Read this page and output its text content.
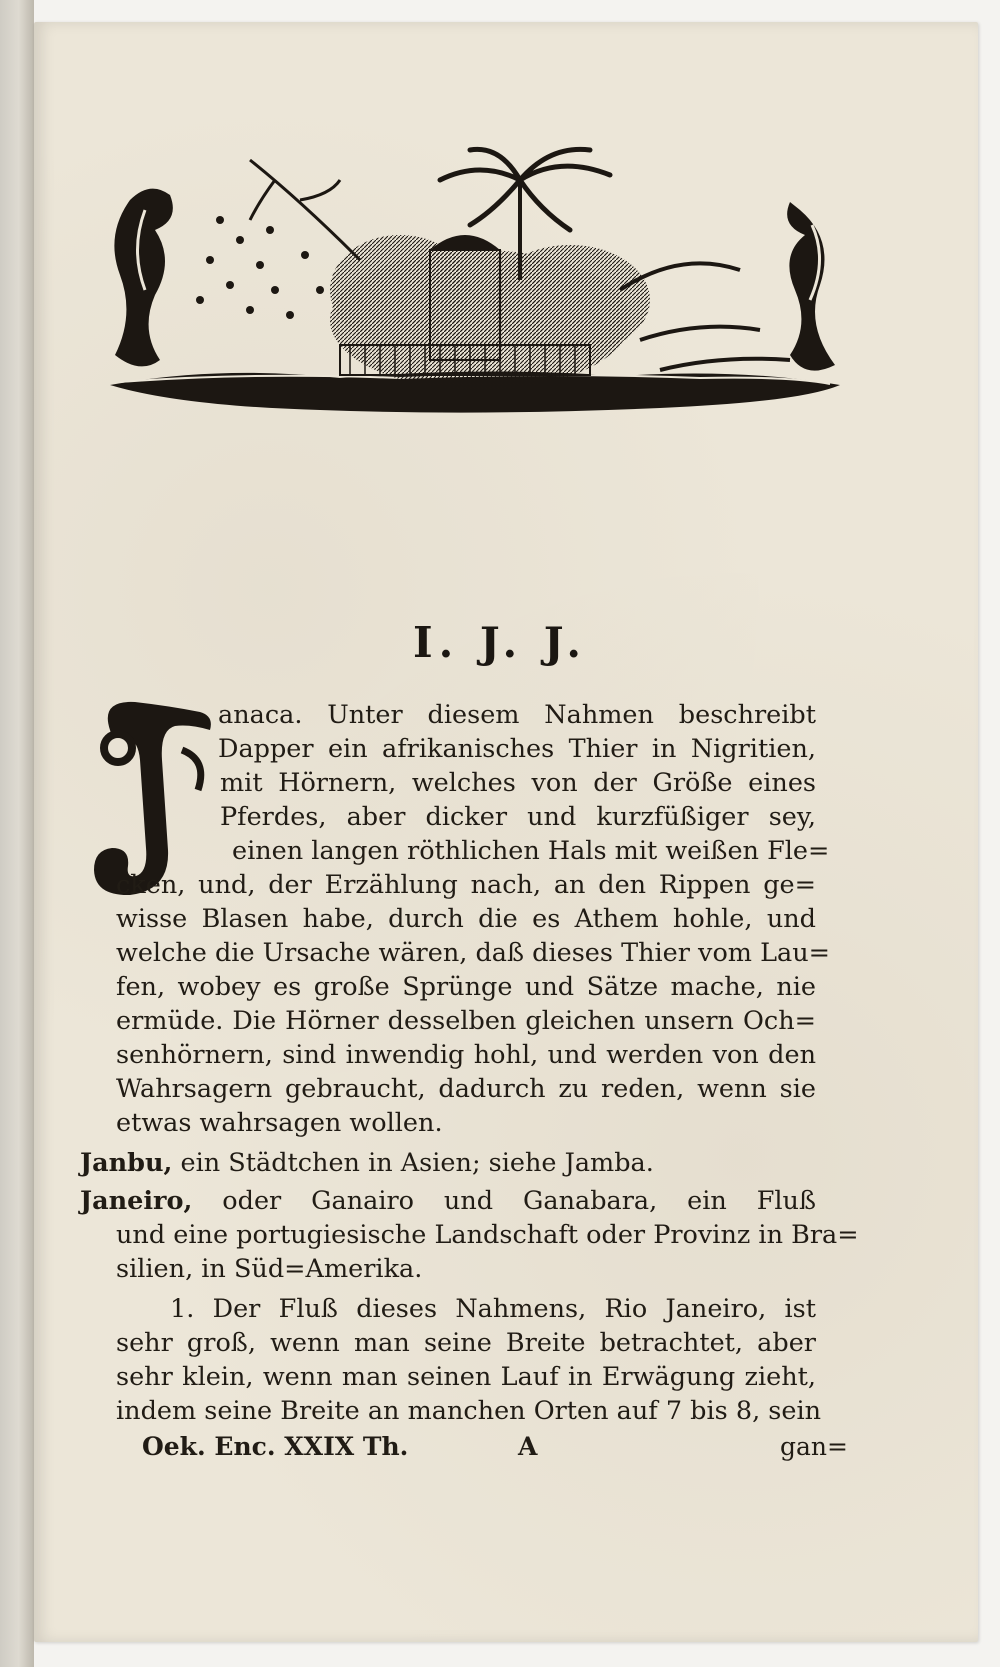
I. J. J.
anaca. Unter diesem Nahmen beschreibt
Dapper ein afrikanisches Thier in Nigritien,
mit Hörnern, welches von der Größe eines
Pferdes, aber dicker und kurzfüßiger sey,
einen langen röthlichen Hals mit weißen Fle=
cken, und, der Erzählung nach, an den Rippen ge=
wisse Blasen habe, durch die es Athem hohle, und
welche die Ursache wären, daß dieses Thier vom Lau=
fen, wobey es große Sprünge und Sätze mache, nie
ermüde. Die Hörner desselben gleichen unsern Och=
senhörnern, sind inwendig hohl, und werden von den
Wahrsagern gebraucht, dadurch zu reden, wenn sie
etwas wahrsagen wollen.
Janbu, ein Städtchen in Asien; siehe Jamba.
Janeiro, oder Ganairo und Ganabara, ein Fluß
und eine portugiesische Landschaft oder Provinz in Bra=
silien, in Süd=Amerika.
1. Der Fluß dieses Nahmens, Rio Janeiro, ist
sehr groß, wenn man seine Breite betrachtet, aber
sehr klein, wenn man seinen Lauf in Erwägung zieht,
indem seine Breite an manchen Orten auf 7 bis 8, sein
Oek. Enc. XXIX Th.	A	gan=
